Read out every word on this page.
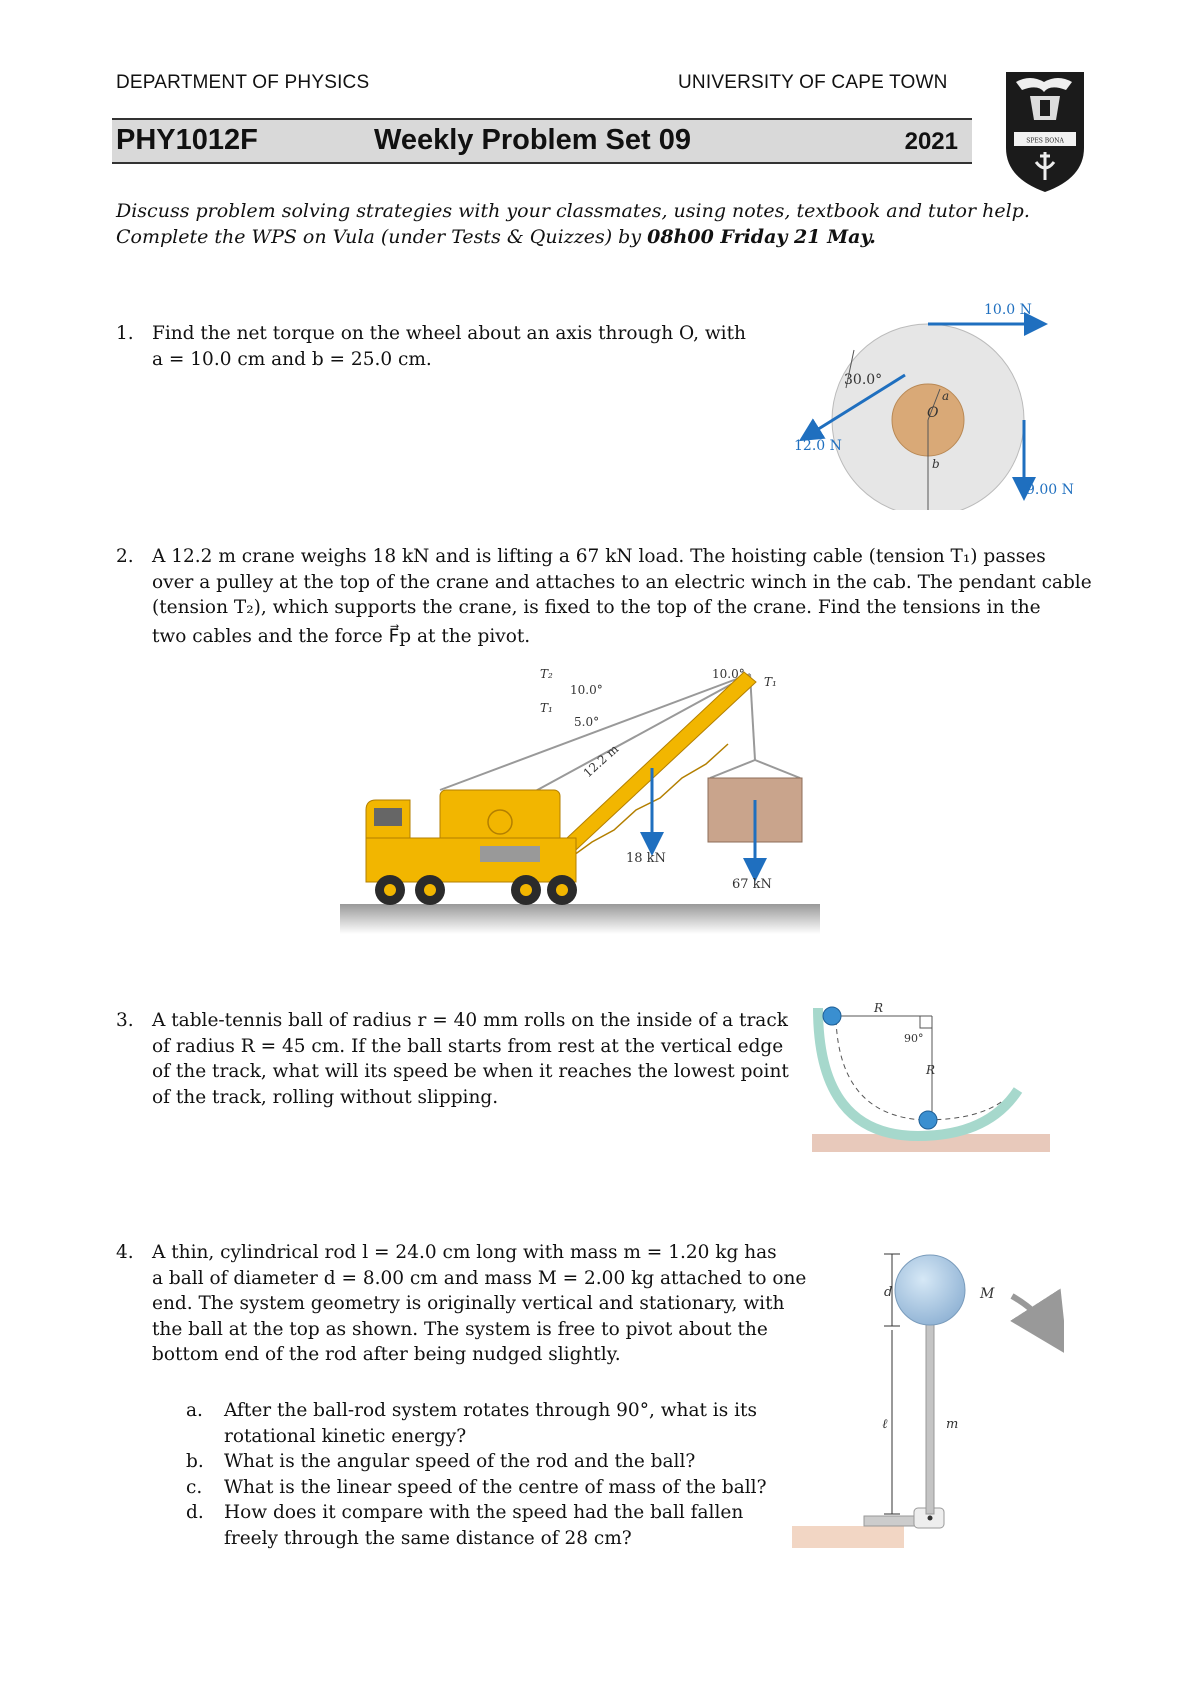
DEPARTMENT OF PHYSICS	UNIVERSITY OF CAPE TOWN
PHY1012F	Weekly Problem Set 09	2021	SPES BONA
Discuss problem solving strategies with your classmates, using notes, textbook and tutor help.
Complete the WPS on Vula (under Tests & Quizzes) by 08h00 Friday 21 May.
1. Find the net torque on the wheel about an axis through O, with
a = 10.0 cm and b = 25.0 cm.
10.0 N
12.0 N
9.00 N
30.0°
O
a
b
2. A 12.2 m crane weighs 18 kN and is lifting a 67 kN load. The hoisting cable (tension T₁) passes
over a pulley at the top of the crane and attaches to an electric winch in the cab. The pendant cable
(tension T₂), which supports the crane, is fixed to the top of the crane. Find the tensions in the
two cables and the force F⃗p at the pivot.
T₂
T₁
T₁
10.0°
5.0°
10.0°
12.2 m
18 kN
67 kN
3. A table-tennis ball of radius r = 40 mm rolls on the inside of a track
of radius R = 45 cm. If the ball starts from rest at the vertical edge
of the track, what will its speed be when it reaches the lowest point
of the track, rolling without slipping.
R
90°
R
4. A thin, cylindrical rod l = 24.0 cm long with mass m = 1.20 kg has
a ball of diameter d = 8.00 cm and mass M = 2.00 kg attached to one
end. The system geometry is originally vertical and stationary, with
the ball at the top as shown. The system is free to pivot about the
bottom end of the rod after being nudged slightly.
a.	After the ball-rod system rotates through 90°, what is its
rotational kinetic energy?
b.	What is the angular speed of the rod and the ball?
c.	What is the linear speed of the centre of mass of the ball?
d.	How does it compare with the speed had the ball fallen
freely through the same distance of 28 cm?
d
ℓ	m
M
